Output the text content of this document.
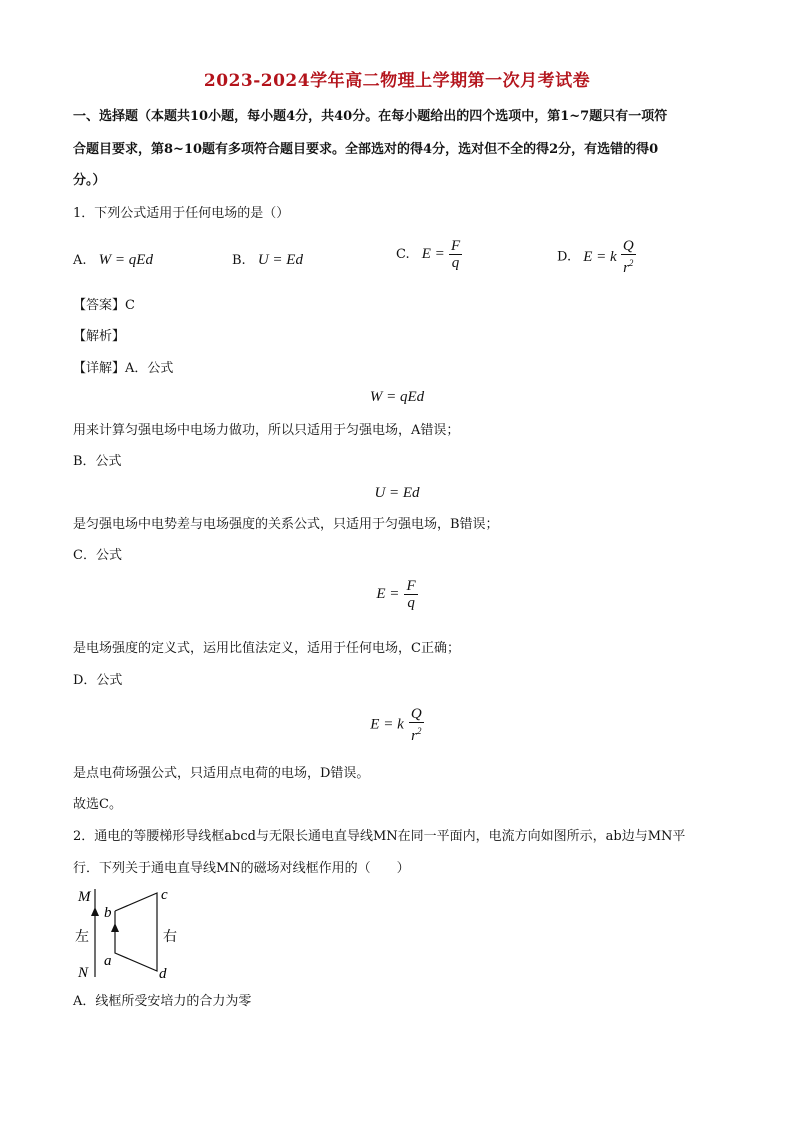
2023-2024学年高二物理上学期第一次月考试卷
一、选择题（本题共10小题，每小题4分，共40分。在每小题给出的四个选项中，第1~7题只有一项符
合题目要求，第8~10题有多项符合题目要求。全部选对的得4分，选对但不全的得2分，有选错的得0
分。）
1．下列公式适用于任何电场的是（）
A. W = qEd	B. U = Ed	C. $E = \frac{F}{q}$	D. E = k $\frac{Q}{r^2}$
【答案】C
【解析】
【详解】A．公式
W = qEd
用来计算匀强电场中电场力做功，所以只适用于匀强电场，A错误；
B．公式
U = Ed
是匀强电场中电势差与电场强度的关系公式，只适用于匀强电场，B错误；
C．公式
$E = \frac{F}{q}$
是电场强度的定义式，运用比值法定义，适用于任何电场，C正确；
D．公式
E = k $\frac{Q}{r^2}$
是点电荷场强公式，只适用点电荷的电场，D错误。
故选C。
2．通电的等腰梯形导线框abcd与无限长通电直导线MN在同一平面内，电流方向如图所示，ab边与MN平
行．下列关于通电直导线MN的磁场对线框作用的（　　）
M
N
b
a
c
d
左	右
A．线框所受安培力的合力为零
